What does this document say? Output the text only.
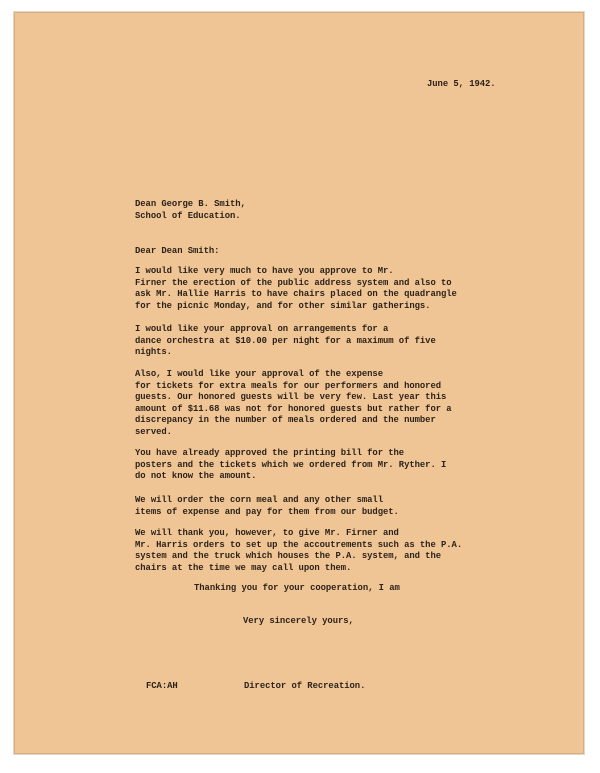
June 5, 1942.
Dean George B. Smith,
School of Education.
Dear Dean Smith:
I would like very much to have you approve to Mr.
Firner the erection of the public address system and also to
ask Mr. Hallie Harris to have chairs placed on the quadrangle
for the picnic Monday, and for other similar gatherings.
I would like your approval on arrangements for a
dance orchestra at $10.00 per night for a maximum of five
nights.
Also, I would like your approval of the expense
for tickets for extra meals for our performers and honored
guests. Our honored guests will be very few. Last year this
amount of $11.68 was not for honored guests but rather for a
discrepancy in the number of meals ordered and the number
served.
You have already approved the printing bill for the
posters and the tickets which we ordered from Mr. Ryther. I
do not know the amount.
We will order the corn meal and any other small
items of expense and pay for them from our budget.
We will thank you, however, to give Mr. Firner and
Mr. Harris orders to set up the accoutrements such as the P.A.
system and the truck which houses the P.A. system, and the
chairs at the time we may call upon them.
Thanking you for your cooperation, I am
Very sincerely yours,
FCA:AH	Director of Recreation.
